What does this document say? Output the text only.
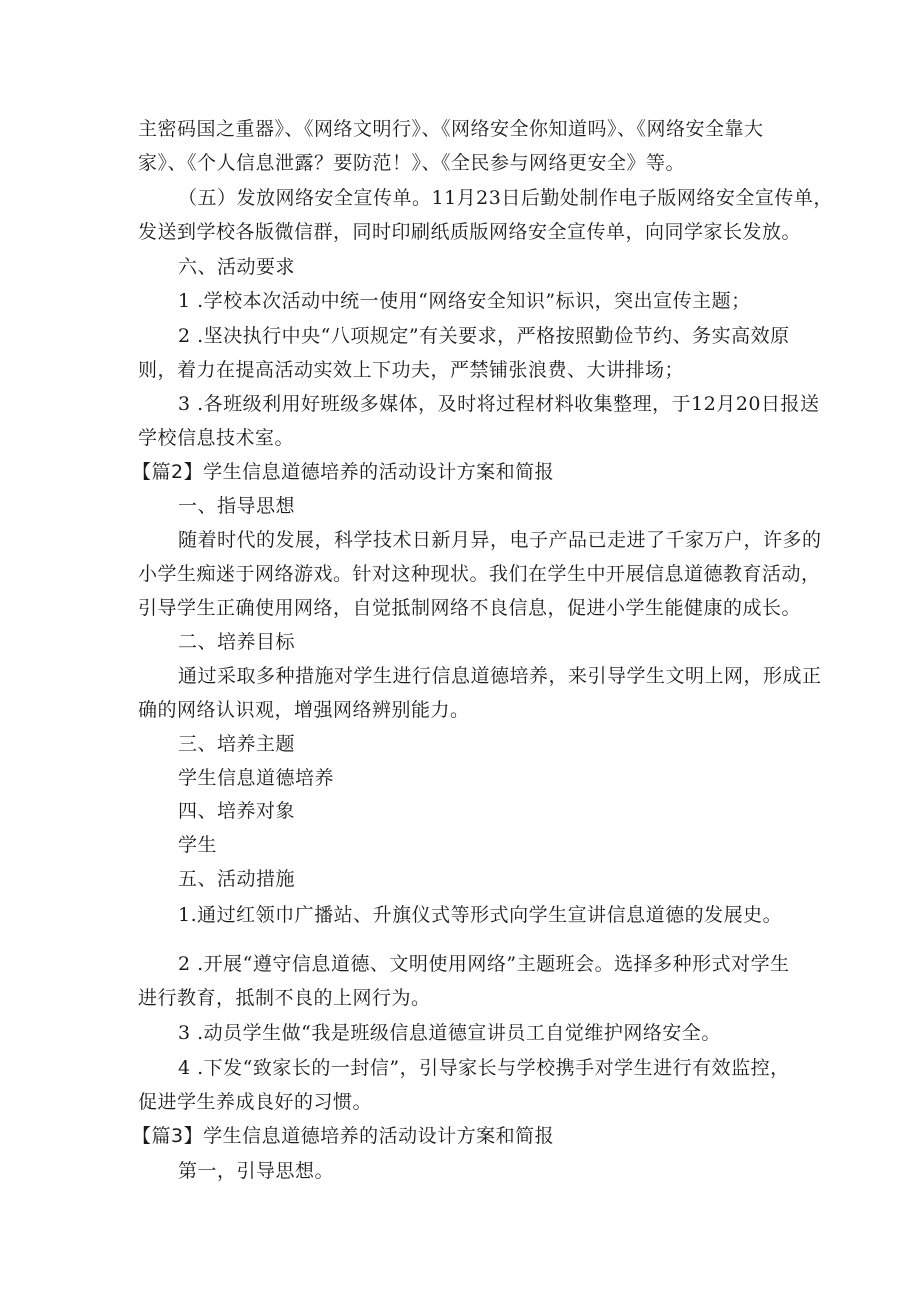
主密码国之重器》、《网络文明行》、《网络安全你知道吗》、《网络安全靠大
家》、《个人信息泄露？要防范！》、《全民参与网络更安全》等。
（五）发放网络安全宣传单。11月23日后勤处制作电子版网络安全宣传单，
发送到学校各版微信群，同时印刷纸质版网络安全宣传单，向同学家长发放。
六、活动要求
1 .学校本次活动中统一使用“网络安全知识”标识，突出宣传主题；
2 .坚决执行中央“八项规定”有关要求，严格按照勤俭节约、务实高效原
则，着力在提高活动实效上下功夫，严禁铺张浪费、大讲排场；
3 .各班级利用好班级多媒体，及时将过程材料收集整理，于12月20日报送
学校信息技术室。
【篇2】学生信息道德培养的活动设计方案和简报
一、指导思想
随着时代的发展，科学技术日新月异，电子产品已走进了千家万户，许多的
小学生痴迷于网络游戏。针对这种现状。我们在学生中开展信息道德教育活动，
引导学生正确使用网络，自觉抵制网络不良信息，促进小学生能健康的成长。
二、培养目标
通过采取多种措施对学生进行信息道德培养，来引导学生文明上网，形成正
确的网络认识观，增强网络辨别能力。
三、培养主题
学生信息道德培养
四、培养对象
学生
五、活动措施
1.通过红领巾广播站、升旗仪式等形式向学生宣讲信息道德的发展史。
2 .开展“遵守信息道德、文明使用网络”主题班会。选择多种形式对学生
进行教育，抵制不良的上网行为。
3 .动员学生做“我是班级信息道德宣讲员工自觉维护网络安全。
4 .下发“致家长的一封信”，引导家长与学校携手对学生进行有效监控，
促进学生养成良好的习惯。
【篇3】学生信息道德培养的活动设计方案和简报
第一，引导思想。
